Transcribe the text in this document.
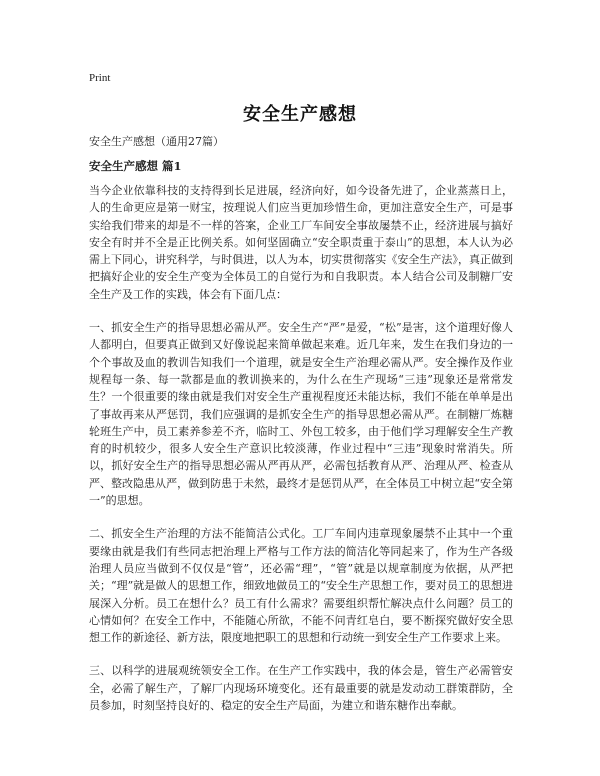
Print
安全生产感想
安全生产感想（通用27篇）
安全生产感想 篇1

当今企业依靠科技的支持得到长足进展，经济向好，如今设备先进了，企业蒸蒸日上，人的生命更应是第一财宝，按理说人们应当更加珍惜生命，更加注意安全生产，可是事实给我们带来的却是不一样的答案，企业工厂车间安全事故屡禁不止，经济进展与搞好安全有时并不全是正比例关系。如何坚固确立“安全职责重于泰山”的思想，本人认为必需上下同心，讲究科学，与时俱进，以人为本，切实贯彻落实《安全生产法》，真正做到把搞好企业的安全生产变为全体员工的自觉行为和自我职责。本人结合公司及制糖厂安全生产及工作的实践，体会有下面几点：

一、抓安全生产的指导思想必需从严。安全生产“严”是爱，“松”是害，这个道理好像人人都明白，但要真正做到又好像说起来简单做起来难。近几年来，发生在我们身边的一个个事故及血的教训告知我们一个道理，就是安全生产治理必需从严。安全操作及作业规程每一条、每一款都是血的教训换来的，为什么在生产现场“三违”现象还是常常发生？一个很重要的缘由就是我们对安全生产重视程度还未能达标，我们不能在单单是出了事故再来从严惩罚，我们应强调的是抓安全生产的指导思想必需从严。在制糖厂炼糖轮班生产中，员工素养参差不齐，临时工、外包工较多，由于他们学习理解安全生产教育的时机较少，很多人安全生产意识比较淡薄，作业过程中“三违”现象时常消失。所以，抓好安全生产的指导思想必需从严再从严，必需包括教育从严、治理从严、检查从严、整改隐患从严，做到防患于未然，最终才是惩罚从严，在全体员工中树立起“安全第一”的思想。

二、抓安全生产治理的方法不能简洁公式化。工厂车间内违章现象屡禁不止其中一个重要缘由就是我们有些同志把治理上严格与工作方法的简洁化等同起来了，作为生产各级治理人员应当做到不仅仅是“管”，还必需“理”，“管”就是以规章制度为依据，从严把关；“理”就是做人的思想工作，细致地做员工的“安全生产思想工作，要对员工的思想进展深入分析。员工在想什么？员工有什么需求？需要组织帮忙解决点什么问题？员工的心情如何？在安全工作中，不能随心所欲，不能不问青红皂白，要不断探究做好安全思想工作的新途径、新方法，限度地把职工的思想和行动统一到安全生产工作要求上来。

三、以科学的进展观统领安全工作。在生产工作实践中，我的体会是，管生产必需管安全，必需了解生产，了解厂内现场环境变化。还有最重要的就是发动动工群策群防，全员参加，时刻坚持良好的、稳定的安全生产局面，为建立和谐东糖作出奉献。
